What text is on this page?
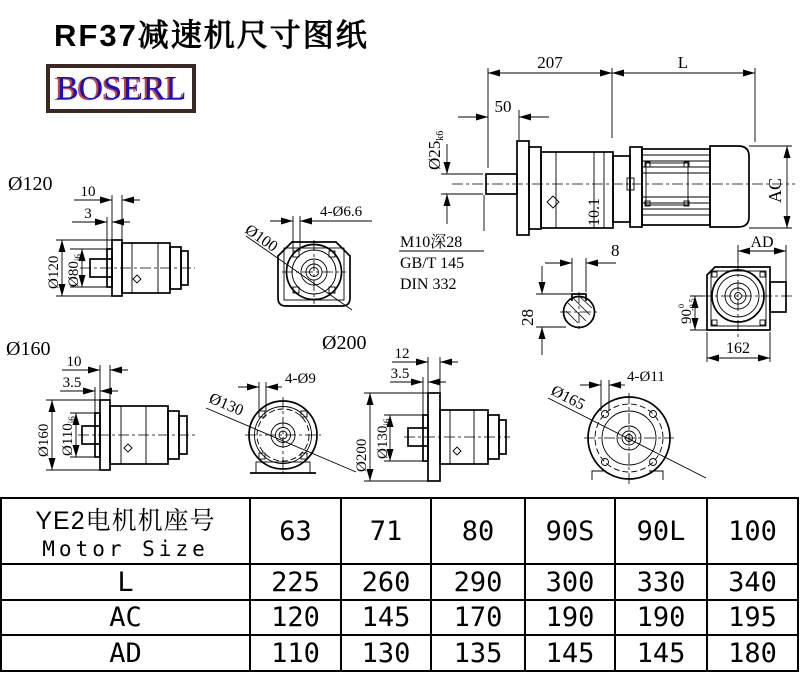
RF37减速机尺寸图纸
BOSERL
10.1
207	L
50
Ø25k6
AC
M10深28
GB/T 145
DIN 332
8
28
AD
$90^0$ -0.5
162
Ø120 10
3
Ø120 Ø80j6
Ø100
4-Ø6.6
Ø160
10
3.5
Ø160 Ø110j6
Ø130
4-Ø9
Ø200 12
3.5
Ø200 Ø130j6
Ø165
4-Ø11
YE2电机机座号
Motor Size	63	71	80	90S	90L	100
L	225	260	290	300	330	340
AC	120	145	170	190	190	195
AD	110	130	135	145	145	180
